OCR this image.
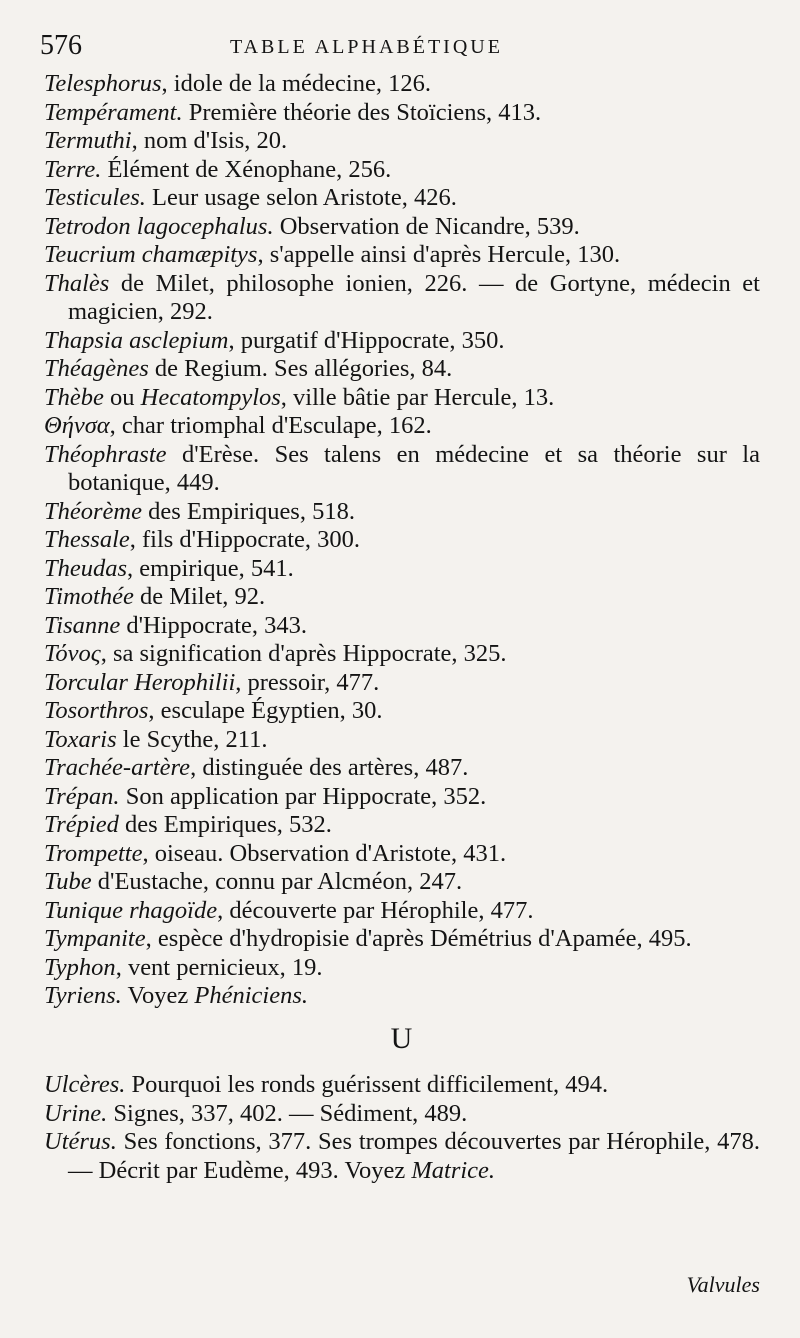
576	TABLE ALPHABÉTIQUE

Telesphorus, idole de la médecine, 126.

Tempérament. Première théorie des Stoïciens, 413.

Termuthi, nom d'Isis, 20.

Terre. Élément de Xénophane, 256.

Testicules. Leur usage selon Aristote, 426.

Tetrodon lagocephalus. Observation de Nicandre, 539.

Teucrium chamæpitys, s'appelle ainsi d'après Hercule, 130.

Thalès de Milet, philosophe ionien, 226. — de Gortyne, médecin et magicien, 292.

Thapsia asclepium, purgatif d'Hippocrate, 350.

Théagènes de Regium. Ses allégories, 84.

Thèbe ou Hecatompylos, ville bâtie par Hercule, 13.

Θήνσα, char triomphal d'Esculape, 162.

Théophraste d'Erèse. Ses talens en médecine et sa théorie sur la botanique, 449.

Théorème des Empiriques, 518.

Thessale, fils d'Hippocrate, 300.

Theudas, empirique, 541.

Timothée de Milet, 92.

Tisanne d'Hippocrate, 343.

Τόνος, sa signification d'après Hippocrate, 325.

Torcular Herophilii, pressoir, 477.

Tosorthros, esculape Égyptien, 30.

Toxaris le Scythe, 211.

Trachée-artère, distinguée des artères, 487.

Trépan. Son application par Hippocrate, 352.

Trépied des Empiriques, 532.

Trompette, oiseau. Observation d'Aristote, 431.

Tube d'Eustache, connu par Alcméon, 247.

Tunique rhagoïde, découverte par Hérophile, 477.

Tympanite, espèce d'hydropisie d'après Démétrius d'Apamée, 495.

Typhon, vent pernicieux, 19.

Tyriens. Voyez Phéniciens.

U

Ulcères. Pourquoi les ronds guérissent difficilement, 494.

Urine. Signes, 337, 402. — Sédiment, 489.

Utérus. Ses fonctions, 377. Ses trompes découvertes par Hérophile, 478. — Décrit par Eudème, 493. Voyez Matrice.

Valvules
